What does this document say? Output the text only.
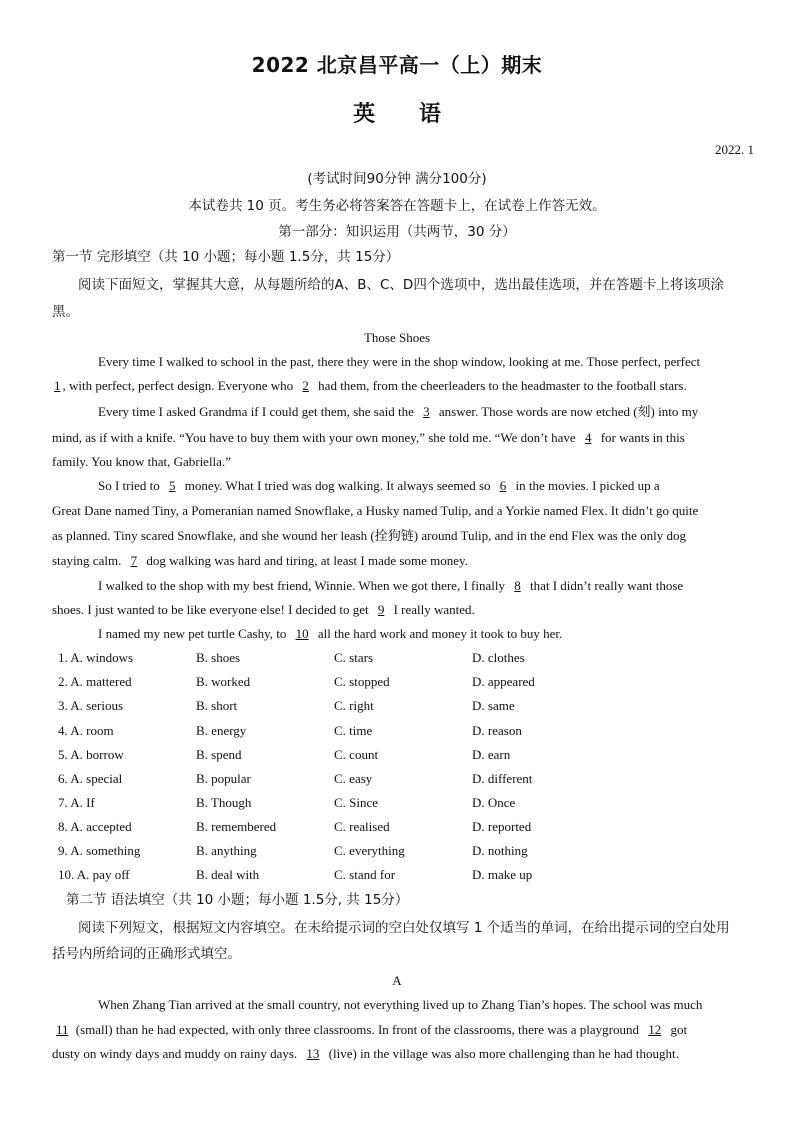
2022 北京昌平高一（上）期末
英 语
2022. 1
(考试时间90分钟 满分100分)
本试卷共 10 页。考生务必将答案答在答题卡上，在试卷上作答无效。
第一部分：知识运用（共两节，30 分）
第一节 完形填空（共 10 小题；每小题 1.5分，共 15分）
阅读下面短文，掌握其大意，从每题所给的A、B、C、D四个选项中，选出最佳选项，并在答题卡上将该项涂
黑。
Those Shoes
Every time I walked to school in the past, there they were in the shop window, looking at me. Those perfect, perfect
1 , with perfect, perfect design. Everyone who 2 had them, from the cheerleaders to the headmaster to the football stars.
Every time I asked Grandma if I could get them, she said the 3 answer. Those words are now etched (刻) into my
mind, as if with a knife. “You have to buy them with your own money,” she told me. “We don’t have 4 for wants in this
family. You know that, Gabriella.”
So I tried to 5 money. What I tried was dog walking. It always seemed so 6 in the movies. I picked up a
Great Dane named Tiny, a Pomeranian named Snowflake, a Husky named Tulip, and a Yorkie named Flex. It didn’t go quite
as planned. Tiny scared Snowflake, and she wound her leash (拴狗链) around Tulip, and in the end Flex was the only dog
staying calm. 7 dog walking was hard and tiring, at least I made some money.
I walked to the shop with my best friend, Winnie. When we got there, I finally 8 that I didn’t really want those
shoes. I just wanted to be like everyone else! I decided to get 9 I really wanted.
I named my new pet turtle Cashy, to 10 all the hard work and money it took to buy her.
1. A. windows	B. shoes	C. stars	D. clothes
2. A. mattered	B. worked	C. stopped	D. appeared
3. A. serious	B. short	C. right	D. same
4. A. room	B. energy	C. time	D. reason
5. A. borrow	B. spend	C. count	D. earn
6. A. special	B. popular	C. easy	D. different
7. A. If	B. Though	C. Since	D. Once
8. A. accepted	B. remembered	C. realised	D. reported
9. A. something	B. anything	C. everything	D. nothing
10. A. pay off	B. deal with	C. stand for	D. make up
第二节 语法填空（共 10 小题；每小题 1.5分, 共 15分）
阅读下列短文，根据短文内容填空。在未给提示词的空白处仅填写 1 个适当的单词，在给出提示词的空白处用
括号内所给词的正确形式填空。
A
When Zhang Tian arrived at the small country, not everything lived up to Zhang Tian’s hopes. The school was much
11 (small) than he had expected, with only three classrooms. In front of the classrooms, there was a playground 12 got
dusty on windy days and muddy on rainy days. 13 (live) in the village was also more challenging than he had thought.
